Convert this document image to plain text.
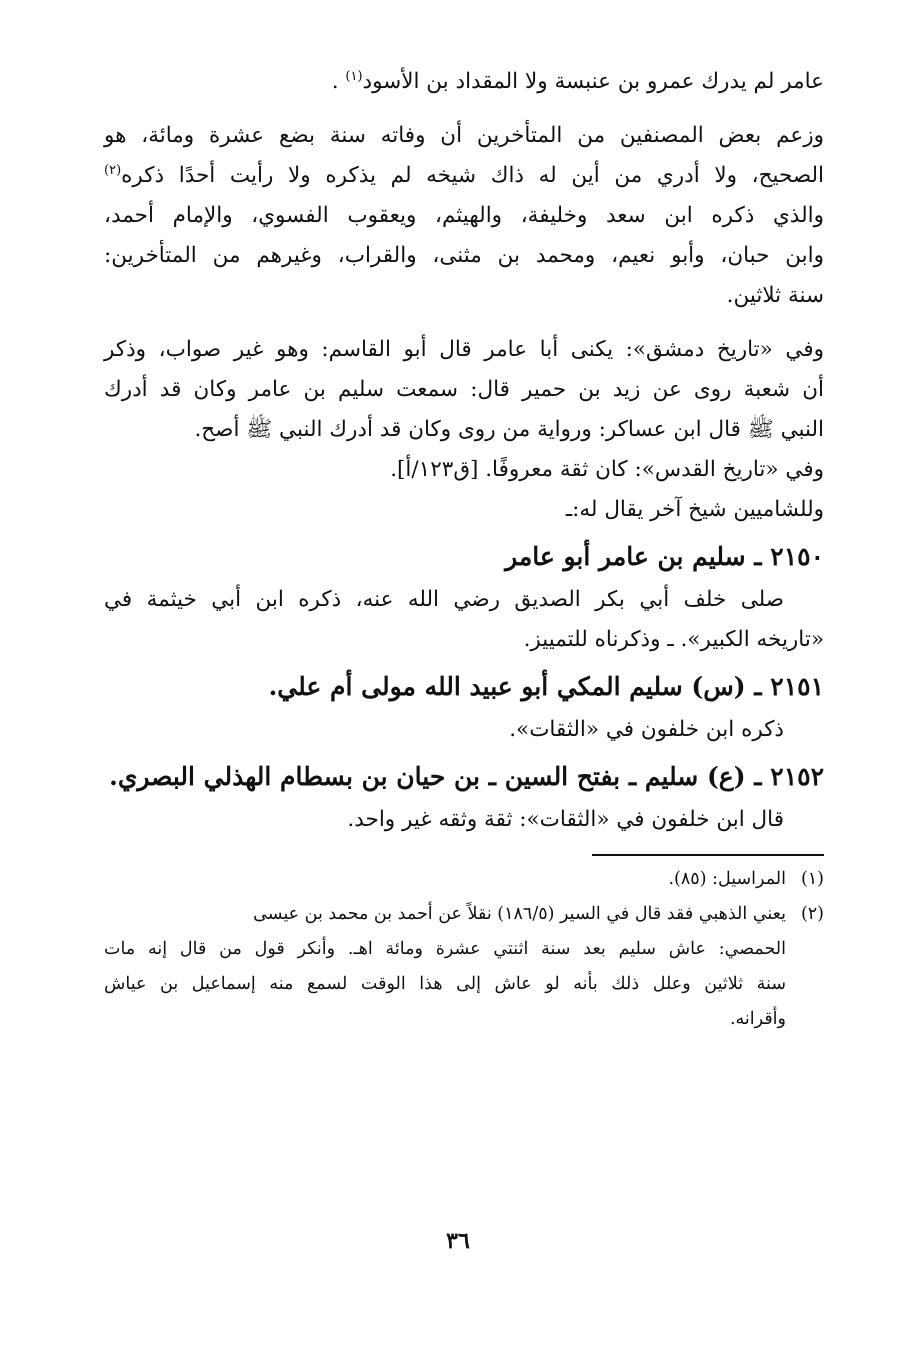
عامر لم يدرك عمرو بن عنبسة ولا المقداد بن الأسود$^{(١)}$ .
وزعم بعض المصنفين من المتأخرين أن وفاته سنة بضع عشرة ومائة، هو
الصحيح، ولا أدري من أين له ذاك شيخه لم يذكره ولا رأيت أحدًا ذكره$^{(٢)}$
والذي ذكره ابن سعد وخليفة، والهيثم، ويعقوب الفسوي، والإمام أحمد،
وابن حبان، وأبو نعيم، ومحمد بن مثنى، والقراب، وغيرهم من المتأخرين:
سنة ثلاثين.
وفي «تاريخ دمشق»: يكنى أبا عامر قال أبو القاسم: وهو غير صواب، وذكر
أن شعبة روى عن زيد بن حمير قال: سمعت سليم بن عامر وكان قد أدرك
النبي ﷺ قال ابن عساكر: ورواية من روى وكان قد أدرك النبي ﷺ أصح.
وفي «تاريخ القدس»: كان ثقة معروفًا. [ق١٢٣/أ].
وللشاميين شيخ آخر يقال له:ـ
٢١٥٠ ـ سليم بن عامر أبو عامر
صلى خلف أبي بكر الصديق رضي الله عنه، ذكره ابن أبي خيثمة في
«تاريخه الكبير». ـ وذكرناه للتمييز.
٢١٥١ ـ (س) سليم المكي أبو عبيد الله مولى أم علي.
ذكره ابن خلفون في «الثقات».
٢١٥٢ ـ (ع) سليم ـ بفتح السين ـ بن حيان بن بسطام الهذلي البصري.
قال ابن خلفون في «الثقات»: ثقة وثقه غير واحد.
(١)المراسيل: (٨٥).
(٢)يعني الذهبي فقد قال في السير (١٨٦/٥) نقلاً عن أحمد بن محمد بن عيسى
الحمصي: عاش سليم بعد سنة اثنتي عشرة ومائة اهـ. وأنكر قول من قال إنه مات
سنة ثلاثين وعلل ذلك بأنه لو عاش إلى هذا الوقت لسمع منه إسماعيل بن عياش
وأقرانه.
٣٦
